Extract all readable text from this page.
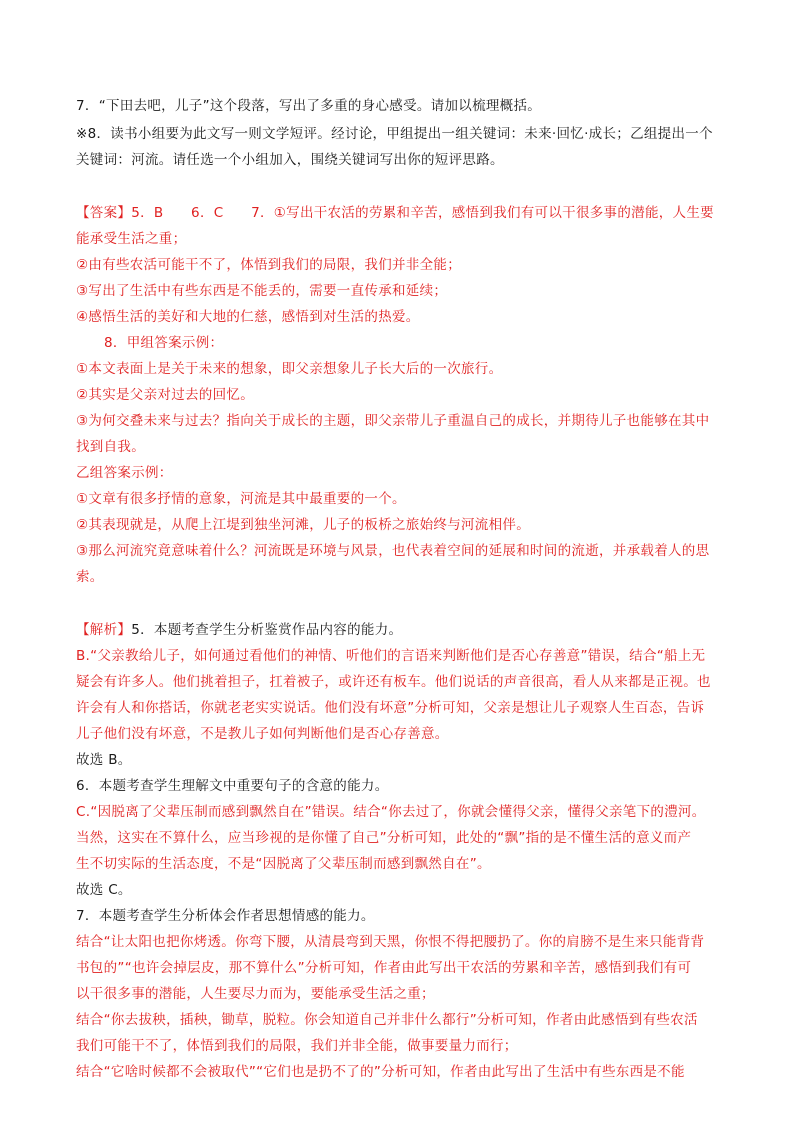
7．“下田去吧，儿子”这个段落，写出了多重的身心感受。请加以梳理概括。
※8．读书小组要为此文写一则文学短评。经讨论，甲组提出一组关键词：未来·回忆·成长；乙组提出一个
关键词：河流。请任选一个小组加入，围绕关键词写出你的短评思路。
【答案】5．B　　6．C　　7．①写出干农活的劳累和辛苦，感悟到我们有可以干很多事的潜能，人生要
能承受生活之重；
②由有些农活可能干不了，体悟到我们的局限，我们并非全能；
③写出了生活中有些东西是不能丢的，需要一直传承和延续；
④感悟生活的美好和大地的仁慈，感悟到对生活的热爱。
8．甲组答案示例：
①本文表面上是关于未来的想象，即父亲想象儿子长大后的一次旅行。
②其实是父亲对过去的回忆。
③为何交叠未来与过去？指向关于成长的主题，即父亲带儿子重温自己的成长，并期待儿子也能够在其中
找到自我。
乙组答案示例：
①文章有很多抒情的意象，河流是其中最重要的一个。
②其表现就是，从爬上江堤到独坐河滩，儿子的板桥之旅始终与河流相伴。
③那么河流究竟意味着什么？河流既是环境与风景，也代表着空间的延展和时间的流逝，并承载着人的思
索。
【解析】5．本题考查学生分析鉴赏作品内容的能力。
B.“父亲教给儿子，如何通过看他们的神情、听他们的言语来判断他们是否心存善意”错误，结合“船上无
疑会有许多人。他们挑着担子，扛着被子，或许还有板车。他们说话的声音很高，看人从来都是正视。也
许会有人和你搭话，你就老老实实说话。他们没有坏意”分析可知，父亲是想让儿子观察人生百态，告诉
儿子他们没有坏意，不是教儿子如何判断他们是否心存善意。
故选 B。
6．本题考查学生理解文中重要句子的含意的能力。
C.“因脱离了父辈压制而感到飘然自在”错误。结合“你去过了，你就会懂得父亲，懂得父亲笔下的澧河。
当然，这实在不算什么，应当珍视的是你懂了自己”分析可知，此处的“飘”指的是不懂生活的意义而产
生不切实际的生活态度，不是“因脱离了父辈压制而感到飘然自在”。
故选 C。
7．本题考查学生分析体会作者思想情感的能力。
结合“让太阳也把你烤透。你弯下腰，从清晨弯到天黑，你恨不得把腰扔了。你的肩膀不是生来只能背背
书包的”“也许会掉层皮，那不算什么”分析可知，作者由此写出干农活的劳累和辛苦，感悟到我们有可
以干很多事的潜能，人生要尽力而为，要能承受生活之重；
结合“你去拔秧，插秧，锄草，脱粒。你会知道自己并非什么都行”分析可知，作者由此感悟到有些农活
我们可能干不了，体悟到我们的局限，我们并非全能，做事要量力而行；
结合“它啥时候都不会被取代”“它们也是扔不了的”分析可知，作者由此写出了生活中有些东西是不能
